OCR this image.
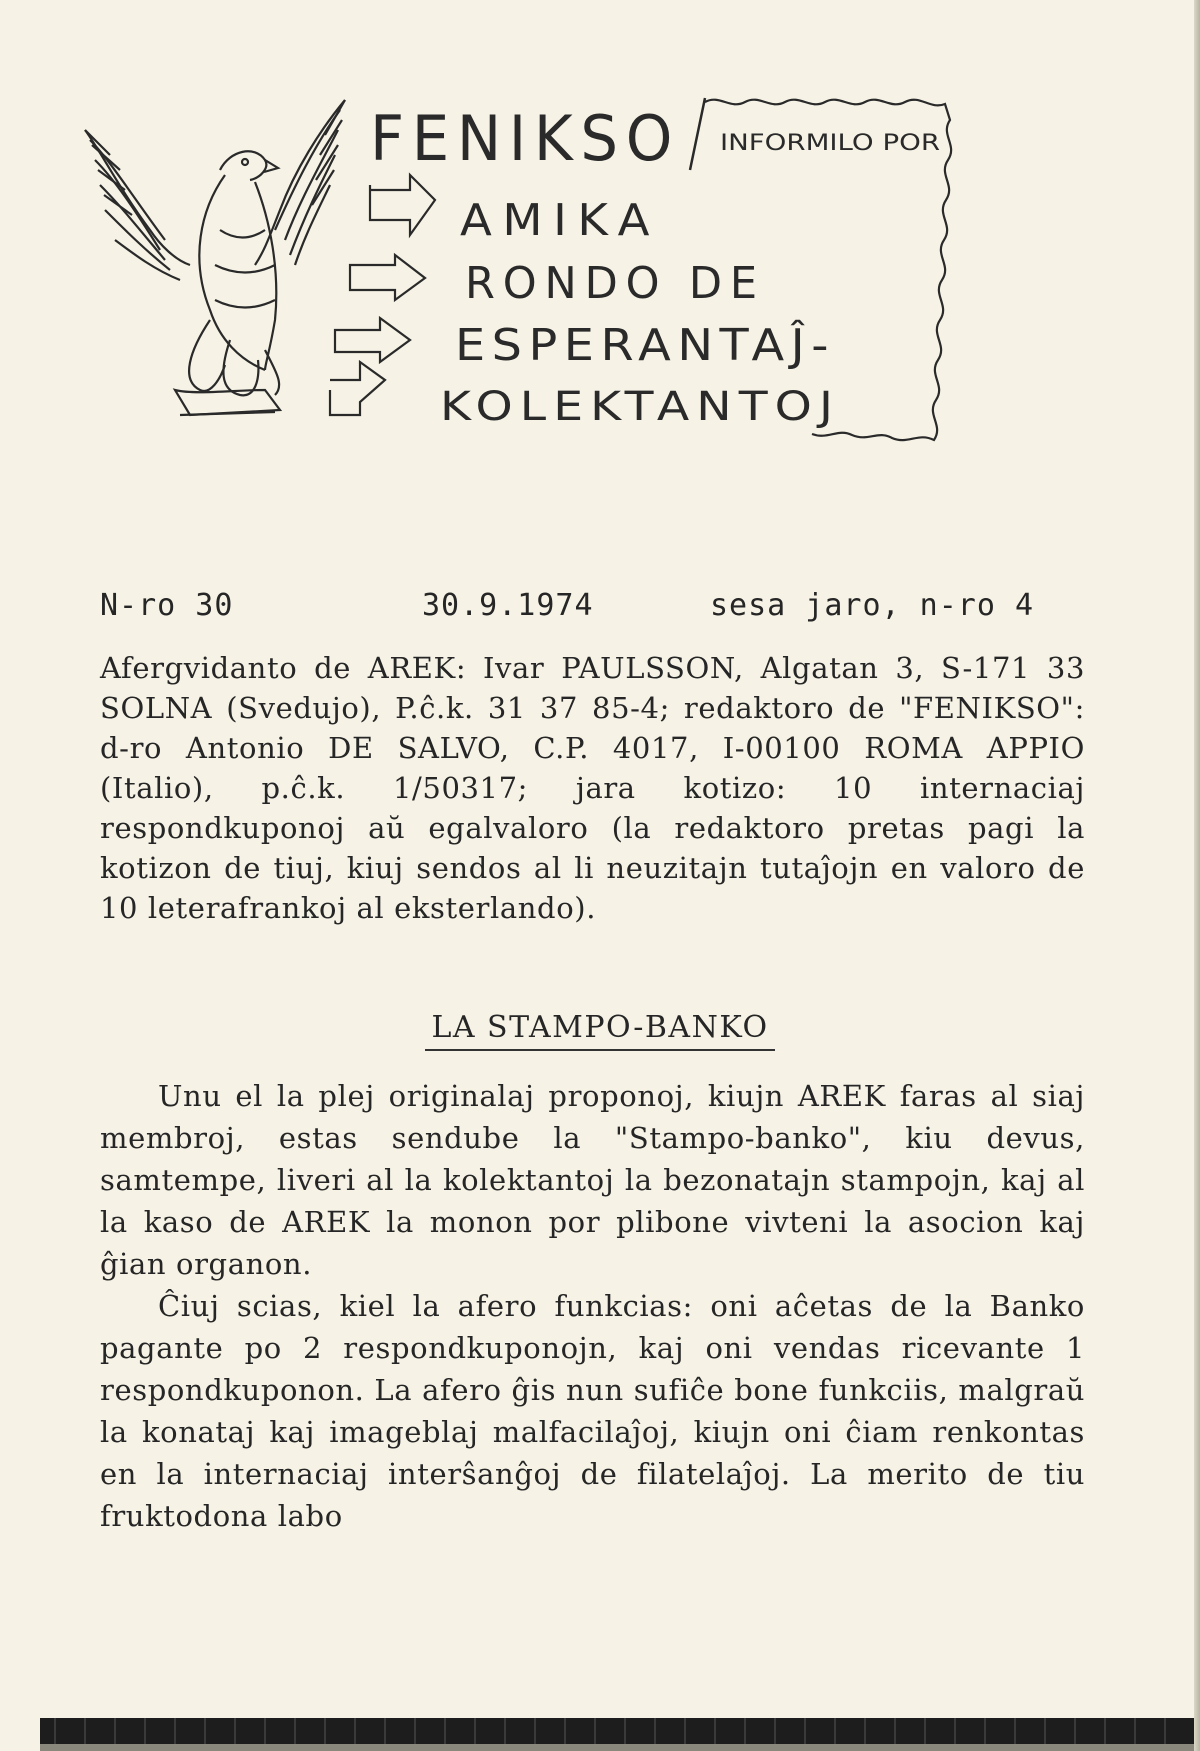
FENIKSO INFORMILO POR
AMIKA
RONDO DE
ESPERANTAĴ-
KOLEKTANTOJ
N-ro 30	30.9.1974	sesa jaro, n-ro 4
Afergvidanto de AREK: Ivar PAULSSON, Algatan 3, S-171 33 SOLNA (Svedujo), P.ĉ.k. 31 37 85-4; redaktoro de "FENIKSO": d-ro Antonio DE SALVO, C.P. 4017, I-00100 ROMA APPIO (Italio), p.ĉ.k. 1/50317; jara kotizo: 10 internaciaj respondkuponoj aŭ egalvaloro (la redaktoro pretas pagi la kotizon de tiuj, kiuj sendos al li neuzitajn tutaĵojn en valoro de 10 leterafrankoj al eksterlando).
LA STAMPO-BANKO
Unu el la plej originalaj proponoj, kiujn AREK faras al siaj membroj, estas sendube la "Stampo-banko", kiu devus, samtempe, liveri al la kolektantoj la bezonatajn stampojn, kaj al la kaso de AREK la monon por plibone vivteni la asocion kaj ĝian organon.
Ĉiuj scias, kiel la afero funkcias: oni aĉetas de la Banko pagante po 2 respondkuponojn, kaj oni vendas ricevante 1 respondkuponon. La afero ĝis nun sufiĉe bone funkciis, malgraŭ la konataj kaj imageblaj malfacilaĵoj, kiujn oni ĉiam renkontas en la internaciaj interŝanĝoj de filatelaĵoj. La merito de tiu fruktodona labo
